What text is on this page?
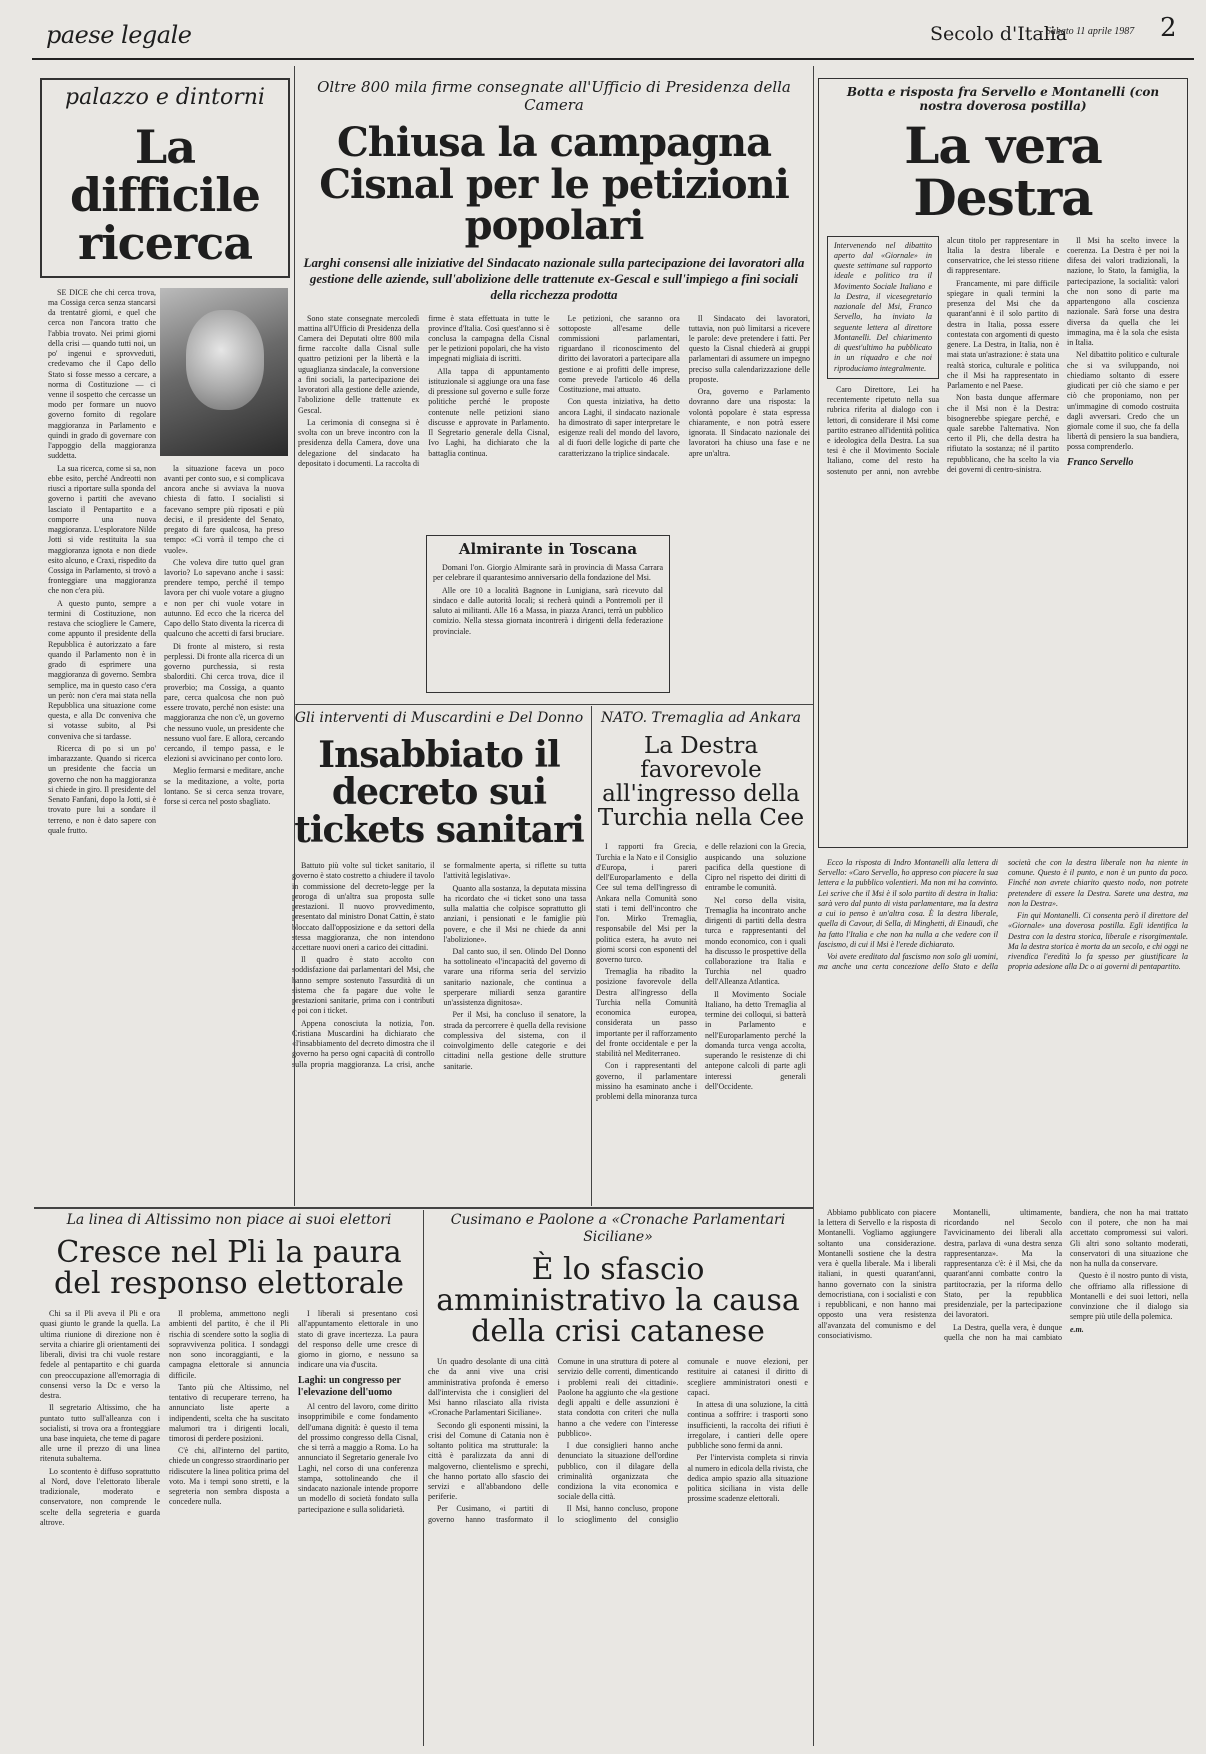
paese legale	Secolo d'Italia
- Sabato 11 aprile 1987 2
palazzo e dintorni
La difficile ricerca

SE DICE che chi cerca trova, ma Cossiga cerca senza stancarsi da trentatré giorni, e quel che cerca non l'ancora tratto che l'abbia trovato. Nei primi giorni della crisi — quando tutti noi, un po' ingenui e sprovveduti, credevamo che il Capo dello Stato si fosse messo a cercare, a norma di Costituzione — ci venne il sospetto che cercasse un modo per formare un nuovo governo fornito di regolare maggioranza in Parlamento e quindi in grado di governare con l'appoggio della maggioranza suddetta.

La sua ricerca, come si sa, non ebbe esito, perché Andreotti non riuscì a riportare sulla sponda del governo i partiti che avevano lasciato il Pentapartito e a comporre una nuova maggioranza. L'esploratore Nilde Jotti si vide restituita la sua maggioranza ignota e non diede esito alcuno, e Craxi, rispedito da Cossiga in Parlamento, si trovò a fronteggiare una maggioranza che non c'era più.

A questo punto, sempre a termini di Costituzione, non restava che sciogliere le Camere, come appunto il presidente della Repubblica è autorizzato a fare quando il Parlamento non è in grado di esprimere una maggioranza di governo. Sembra semplice, ma in questo caso c'era un però: non c'era mai stata nella Repubblica una situazione come questa, e alla Dc conveniva che si votasse subito, al Psi conveniva che si tardasse.

Ricerca di po si un po' imbarazzante. Quando si ricerca un presidente che faccia un governo che non ha maggioranza si chiede in giro. Il presidente del Senato Fanfani, dopo la Jotti, si è trovato pure lui a sondare il terreno, e non è dato sapere con quale frutto.

la situazione faceva un poco avanti per conto suo, e si complicava ancora anche si avviava la nuova chiesta di fatto. I socialisti si facevano sempre più riposati e più decisi, e il presidente del Senato, pregato di fare qualcosa, ha preso tempo: «Ci vorrà il tempo che ci vuole».

Che voleva dire tutto quel gran lavorio? Lo sapevano anche i sassi: prendere tempo, perché il tempo lavora per chi vuole votare a giugno e non per chi vuole votare in autunno. Ed ecco che la ricerca del Capo dello Stato diventa la ricerca di qualcuno che accetti di farsi bruciare.

Di fronte al mistero, si resta perplessi. Di fronte alla ricerca di un governo purchessia, si resta sbalorditi. Chi cerca trova, dice il proverbio; ma Cossiga, a quanto pare, cerca qualcosa che non può essere trovato, perché non esiste: una maggioranza che non c'è, un governo che nessuno vuole, un presidente che nessuno vuol fare. E allora, cercando cercando, il tempo passa, e le elezioni si avvicinano per conto loro.

Meglio fermarsi e meditare, anche se la meditazione, a volte, porta lontano. Se si cerca senza trovare, forse si cerca nel posto sbagliato.

Oltre 800 mila firme consegnate all'Ufficio di Presidenza della Camera
Chiusa la campagna Cisnal per le petizioni popolari
Larghi consensi alle iniziative del Sindacato nazionale sulla partecipazione dei lavoratori alla gestione delle aziende, sull'abolizione delle trattenute ex-Gescal e sull'impiego a fini sociali della ricchezza prodotta

Sono state consegnate mercoledì mattina all'Ufficio di Presidenza della Camera dei Deputati oltre 800 mila firme raccolte dalla Cisnal sulle quattro petizioni per la libertà e la uguaglianza sindacale, la conversione a fini sociali, la partecipazione dei lavoratori alla gestione delle aziende, l'abolizione delle trattenute ex Gescal.

La cerimonia di consegna si è svolta con un breve incontro con la presidenza della Camera, dove una delegazione del sindacato ha depositato i documenti. La raccolta di firme è stata effettuata in tutte le province d'Italia. Così quest'anno si è conclusa la campagna della Cisnal per le petizioni popolari, che ha visto impegnati migliaia di iscritti.

Alla tappa di appuntamento istituzionale si aggiunge ora una fase di pressione sul governo e sulle forze politiche perché le proposte contenute nelle petizioni siano discusse e approvate in Parlamento. Il Segretario generale della Cisnal, Ivo Laghi, ha dichiarato che la battaglia continua.

Le petizioni, che saranno ora sottoposte all'esame delle commissioni parlamentari, riguardano il riconoscimento del diritto dei lavoratori a partecipare alla gestione e ai profitti delle imprese, come prevede l'articolo 46 della Costituzione, mai attuato.

Con questa iniziativa, ha detto ancora Laghi, il sindacato nazionale ha dimostrato di saper interpretare le esigenze reali del mondo del lavoro, al di fuori delle logiche di parte che caratterizzano la triplice sindacale.

Il Sindacato dei lavoratori, tuttavia, non può limitarsi a ricevere le parole: deve pretendere i fatti. Per questo la Cisnal chiederà ai gruppi parlamentari di assumere un impegno preciso sulla calendarizzazione delle proposte.

Ora, governo e Parlamento dovranno dare una risposta: la volontà popolare è stata espressa chiaramente, e non potrà essere ignorata. Il Sindacato nazionale dei lavoratori ha chiuso una fase e ne apre un'altra.

Almirante in Toscana

Domani l'on. Giorgio Almirante sarà in provincia di Massa Carrara per celebrare il quarantesimo anniversario della fondazione del Msi.

Alle ore 10 a località Bagnone in Lunigiana, sarà ricevuto dal sindaco e dalle autorità locali; si recherà quindi a Pontremoli per il saluto ai militanti. Alle 16 a Massa, in piazza Aranci, terrà un pubblico comizio. Nella stessa giornata incontrerà i dirigenti della federazione provinciale.

Gli interventi di Muscardini e Del Donno
Insabbiato il decreto sui tickets sanitari

Battuto più volte sul ticket sanitario, il governo è stato costretto a chiudere il tavolo in commissione del decreto-legge per la proroga di un'altra sua proposta sulle prestazioni. Il nuovo provvedimento, presentato dal ministro Donat Cattin, è stato bloccato dall'opposizione e da settori della stessa maggioranza, che non intendono accettare nuovi oneri a carico dei cittadini.

Il quadro è stato accolto con soddisfazione dai parlamentari del Msi, che hanno sempre sostenuto l'assurdità di un sistema che fa pagare due volte le prestazioni sanitarie, prima con i contributi e poi con i ticket.

Appena conosciuta la notizia, l'on. Cristiana Muscardini ha dichiarato che «l'insabbiamento del decreto dimostra che il governo ha perso ogni capacità di controllo sulla propria maggioranza. La crisi, anche se formalmente aperta, si riflette su tutta l'attività legislativa».

Quanto alla sostanza, la deputata missina ha ricordato che «i ticket sono una tassa sulla malattia che colpisce soprattutto gli anziani, i pensionati e le famiglie più povere, e che il Msi ne chiede da anni l'abolizione».

Dal canto suo, il sen. Olindo Del Donno ha sottolineato «l'incapacità del governo di varare una riforma seria del servizio sanitario nazionale, che continua a sperperare miliardi senza garantire un'assistenza dignitosa».

Per il Msi, ha concluso il senatore, la strada da percorrere è quella della revisione complessiva del sistema, con il coinvolgimento delle categorie e dei cittadini nella gestione delle strutture sanitarie.

NATO. Tremaglia ad Ankara
La Destra favorevole all'ingresso della Turchia nella Cee

I rapporti fra Grecia, Turchia e la Nato e il Consiglio d'Europa, i pareri dell'Europarlamento e della Cee sul tema dell'ingresso di Ankara nella Comunità sono stati i temi dell'incontro che l'on. Mirko Tremaglia, responsabile del Msi per la politica estera, ha avuto nei giorni scorsi con esponenti del governo turco.

Tremaglia ha ribadito la posizione favorevole della Destra all'ingresso della Turchia nella Comunità economica europea, considerata un passo importante per il rafforzamento del fronte occidentale e per la stabilità nel Mediterraneo.

Con i rappresentanti del governo, il parlamentare missino ha esaminato anche i problemi della minoranza turca e delle relazioni con la Grecia, auspicando una soluzione pacifica della questione di Cipro nel rispetto dei diritti di entrambe le comunità.

Nel corso della visita, Tremaglia ha incontrato anche dirigenti di partiti della destra turca e rappresentanti del mondo economico, con i quali ha discusso le prospettive della collaborazione tra Italia e Turchia nel quadro dell'Alleanza Atlantica.

Il Movimento Sociale Italiano, ha detto Tremaglia al termine dei colloqui, si batterà in Parlamento e nell'Europarlamento perché la domanda turca venga accolta, superando le resistenze di chi antepone calcoli di parte agli interessi generali dell'Occidente.

Botta e risposta fra Servello e Montanelli (con nostra doverosa postilla)
La vera Destra

Intervenendo nel dibattito aperto dal «Giornale» in queste settimane sul rapporto ideale e politico tra il Movimento Sociale Italiano e la Destra, il vicesegretario nazionale del Msi, Franco Servello, ha inviato la seguente lettera al direttore Montanelli. Del chiarimento di quest'ultimo ha pubblicato in un riquadro e che noi riproduciamo integralmente.

Caro Direttore, Lei ha recentemente ripetuto nella sua rubrica riferita al dialogo con i lettori, di considerare il Msi come partito estraneo all'identità politica e ideologica della Destra. La sua tesi è che il Movimento Sociale Italiano, come del resto ha sostenuto per anni, non avrebbe alcun titolo per rappresentare in Italia la destra liberale e conservatrice, che lei stesso ritiene di rappresentare.

Francamente, mi pare difficile spiegare in quali termini la presenza del Msi che da quarant'anni è il solo partito di destra in Italia, possa essere contestata con argomenti di questo genere. La Destra, in Italia, non è mai stata un'astrazione: è stata una realtà storica, culturale e politica che il Msi ha rappresentato in Parlamento e nel Paese.

Non basta dunque affermare che il Msi non è la Destra: bisognerebbe spiegare perché, e quale sarebbe l'alternativa. Non certo il Pli, che della destra ha rifiutato la sostanza; né il partito repubblicano, che ha scelto la via dei governi di centro-sinistra.

Il Msi ha scelto invece la coerenza. La Destra è per noi la difesa dei valori tradizionali, la nazione, lo Stato, la famiglia, la partecipazione, la socialità: valori che non sono di parte ma appartengono alla coscienza nazionale. Sarà forse una destra diversa da quella che lei immagina, ma è la sola che esista in Italia.

Nel dibattito politico e culturale che si va sviluppando, noi chiediamo soltanto di essere giudicati per ciò che siamo e per ciò che proponiamo, non per un'immagine di comodo costruita dagli avversari. Credo che un giornale come il suo, che fa della libertà di pensiero la sua bandiera, possa comprenderlo.

Franco Servello

Ecco la risposta di Indro Montanelli alla lettera di Servello: «Caro Servello, ho appreso con piacere la sua lettera e la pubblico volentieri. Ma non mi ha convinto. Lei scrive che il Msi è il solo partito di destra in Italia: sarà vero dal punto di vista parlamentare, ma la destra a cui io penso è un'altra cosa. È la destra liberale, quella di Cavour, di Sella, di Minghetti, di Einaudi, che ha fatto l'Italia e che non ha nulla a che vedere con il fascismo, di cui il Msi è l'erede dichiarato.

Voi avete ereditato dal fascismo non solo gli uomini, ma anche una certa concezione dello Stato e della società che con la destra liberale non ha niente in comune. Questo è il punto, e non è un punto da poco. Finché non avrete chiarito questo nodo, non potrete pretendere di essere la Destra. Sarete una destra, ma non la Destra».

Fin qui Montanelli. Ci consenta però il direttore del «Giornale» una doverosa postilla. Egli identifica la Destra con la destra storica, liberale e risorgimentale. Ma la destra storica è morta da un secolo, e chi oggi ne rivendica l'eredità lo fa spesso per giustificare la propria adesione alla Dc o ai governi di pentapartito.

Abbiamo pubblicato con piacere la lettera di Servello e la risposta di Montanelli. Vogliamo aggiungere soltanto una considerazione. Montanelli sostiene che la destra vera è quella liberale. Ma i liberali italiani, in questi quarant'anni, hanno governato con la sinistra democristiana, con i socialisti e con i repubblicani, e non hanno mai opposto una vera resistenza all'avanzata del comunismo e del consociativismo.

Montanelli, ultimamente, ricordando nel Secolo l'avvicinamento dei liberali alla destra, parlava di «una destra senza rappresentanza». Ma la rappresentanza c'è: è il Msi, che da quarant'anni combatte contro la partitocrazia, per la riforma dello Stato, per la repubblica presidenziale, per la partecipazione dei lavoratori.

La Destra, quella vera, è dunque quella che non ha mai cambiato bandiera, che non ha mai trattato con il potere, che non ha mai accettato compromessi sui valori. Gli altri sono soltanto moderati, conservatori di una situazione che non ha nulla da conservare.

Questo è il nostro punto di vista, che offriamo alla riflessione di Montanelli e dei suoi lettori, nella convinzione che il dialogo sia sempre più utile della polemica.

e.m.

La linea di Altissimo non piace ai suoi elettori
Cresce nel Pli la paura del responso elettorale

Chi sa il Pli aveva il Pli e ora quasi giunto le grande la quella. La ultima riunione di direzione non è servita a chiarire gli orientamenti dei liberali, divisi tra chi vuole restare fedele al pentapartito e chi guarda con preoccupazione all'emorragia di consensi verso la Dc e verso la destra.

Il segretario Altissimo, che ha puntato tutto sull'alleanza con i socialisti, si trova ora a fronteggiare una base inquieta, che teme di pagare alle urne il prezzo di una linea ritenuta subalterna.

Lo scontento è diffuso soprattutto al Nord, dove l'elettorato liberale tradizionale, moderato e conservatore, non comprende le scelte della segreteria e guarda altrove.

Il problema, ammettono negli ambienti del partito, è che il Pli rischia di scendere sotto la soglia di sopravvivenza politica. I sondaggi non sono incoraggianti, e la campagna elettorale si annuncia difficile.

Tanto più che Altissimo, nel tentativo di recuperare terreno, ha annunciato liste aperte a indipendenti, scelta che ha suscitato malumori tra i dirigenti locali, timorosi di perdere posizioni.

C'è chi, all'interno del partito, chiede un congresso straordinario per ridiscutere la linea politica prima del voto. Ma i tempi sono stretti, e la segreteria non sembra disposta a concedere nulla.

I liberali si presentano così all'appuntamento elettorale in uno stato di grave incertezza. La paura del responso delle urne cresce di giorno in giorno, e nessuno sa indicare una via d'uscita.

Laghi: un congresso per l'elevazione dell'uomo

Al centro del lavoro, come diritto insopprimibile e come fondamento dell'umana dignità: è questo il tema del prossimo congresso della Cisnal, che si terrà a maggio a Roma. Lo ha annunciato il Segretario generale Ivo Laghi, nel corso di una conferenza stampa, sottolineando che il sindacato nazionale intende proporre un modello di società fondato sulla partecipazione e sulla solidarietà.

Cusimano e Paolone a «Cronache Parlamentari Siciliane»
È lo sfascio amministrativo la causa della crisi catanese

Un quadro desolante di una città che da anni vive una crisi amministrativa profonda è emerso dall'intervista che i consiglieri del Msi hanno rilasciato alla rivista «Cronache Parlamentari Siciliane».

Secondo gli esponenti missini, la crisi del Comune di Catania non è soltanto politica ma strutturale: la città è paralizzata da anni di malgoverno, clientelismo e sprechi, che hanno portato allo sfascio dei servizi e all'abbandono delle periferie.

Per Cusimano, «i partiti di governo hanno trasformato il Comune in una struttura di potere al servizio delle correnti, dimenticando i problemi reali dei cittadini». Paolone ha aggiunto che «la gestione degli appalti e delle assunzioni è stata condotta con criteri che nulla hanno a che vedere con l'interesse pubblico».

I due consiglieri hanno anche denunciato la situazione dell'ordine pubblico, con il dilagare della criminalità organizzata che condiziona la vita economica e sociale della città.

Il Msi, hanno concluso, propone lo scioglimento del consiglio comunale e nuove elezioni, per restituire ai catanesi il diritto di scegliere amministratori onesti e capaci.

In attesa di una soluzione, la città continua a soffrire: i trasporti sono insufficienti, la raccolta dei rifiuti è irregolare, i cantieri delle opere pubbliche sono fermi da anni.

Per l'intervista completa si rinvia al numero in edicola della rivista, che dedica ampio spazio alla situazione politica siciliana in vista delle prossime scadenze elettorali.
